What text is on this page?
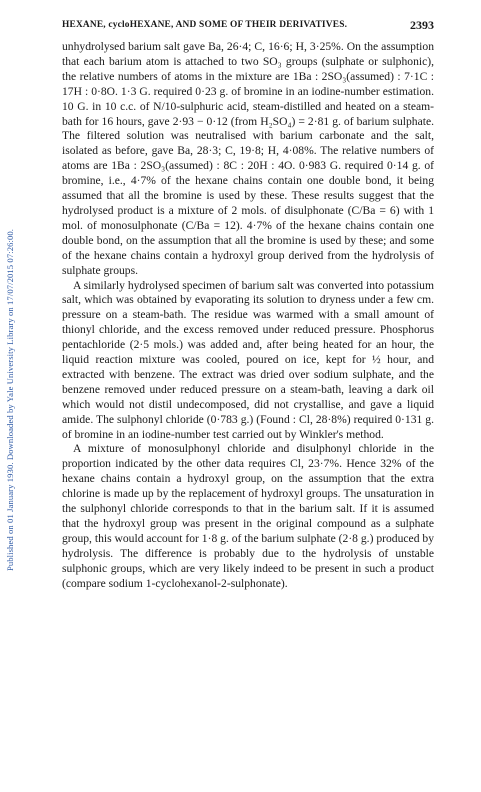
Published on 01 January 1930. Downloaded by Yale University Library on 17/07/2015 07:26:00.
HEXANE, cycloHEXANE, AND SOME OF THEIR DERIVATIVES.	2393

unhydrolysed barium salt gave Ba, 26·4; C, 16·6; H, 3·25%. On the assumption that each barium atom is attached to two SO₃ groups (sulphate or sulphonic), the relative numbers of atoms in the mixture are 1Ba : 2SO₃(assumed) : 7·1C : 17H : 0·8O. 1·3 G. required 0·23 g. of bromine in an iodine-number estimation. 10 G. in 10 c.c. of N/10-sulphuric acid, steam-distilled and heated on a steam-bath for 16 hours, gave 2·93 − 0·12 (from H₂SO₄) = 2·81 g. of barium sulphate. The filtered solution was neutralised with barium carbonate and the salt, isolated as before, gave Ba, 28·3; C, 19·8; H, 4·08%. The relative numbers of atoms are 1Ba : 2SO₃(assumed) : 8C : 20H : 4O. 0·983 G. required 0·14 g. of bromine, i.e., 4·7% of the hexane chains contain one double bond, it being assumed that all the bromine is used by these. These results suggest that the hydrolysed product is a mixture of 2 mols. of disulphonate (C/Ba = 6) with 1 mol. of monosulphonate (C/Ba = 12). 4·7% of the hexane chains contain one double bond, on the assumption that all the bromine is used by these; and some of the hexane chains contain a hydroxyl group derived from the hydrolysis of sulphate groups.

A similarly hydrolysed specimen of barium salt was converted into potassium salt, which was obtained by evaporating its solution to dryness under a few cm. pressure on a steam-bath. The residue was warmed with a small amount of thionyl chloride, and the excess removed under reduced pressure. Phosphorus pentachloride (2·5 mols.) was added and, after being heated for an hour, the liquid reaction mixture was cooled, poured on ice, kept for ½ hour, and extracted with benzene. The extract was dried over sodium sulphate, and the benzene removed under reduced pressure on a steam-bath, leaving a dark oil which would not distil undecomposed, did not crystallise, and gave a liquid amide. The sulphonyl chloride (0·783 g.) (Found : Cl, 28·8%) required 0·131 g. of bromine in an iodine-number test carried out by Winkler's method.

A mixture of monosulphonyl chloride and disulphonyl chloride in the proportion indicated by the other data requires Cl, 23·7%. Hence 32% of the hexane chains contain a hydroxyl group, on the assumption that the extra chlorine is made up by the replacement of hydroxyl groups. The unsaturation in the sulphonyl chloride corresponds to that in the barium salt. If it is assumed that the hydroxyl group was present in the original compound as a sulphate group, this would account for 1·8 g. of the barium sulphate (2·8 g.) produced by hydrolysis. The difference is probably due to the hydrolysis of unstable sulphonic groups, which are very likely indeed to be present in such a product (compare sodium 1-cyclohexanol-2-sulphonate).
